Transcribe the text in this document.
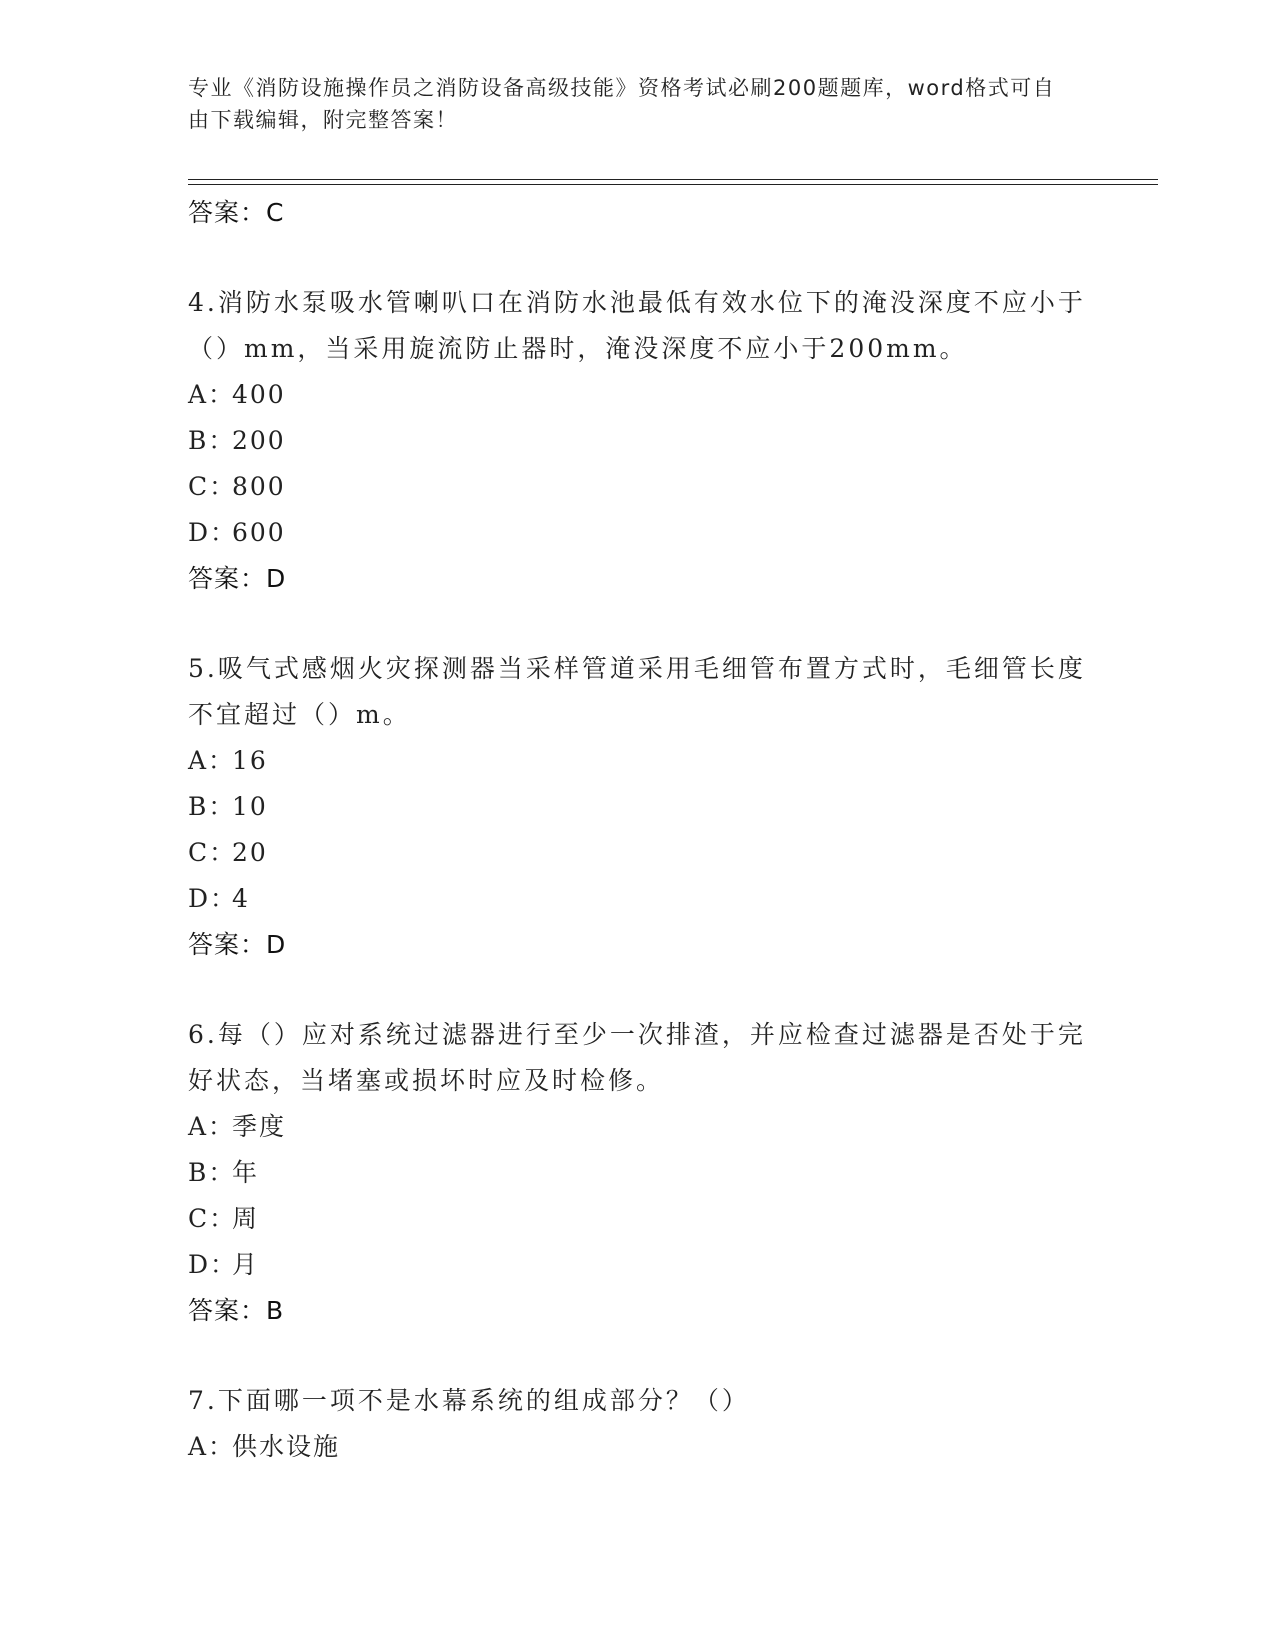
专业《消防设施操作员之消防设备高级技能》资格考试必刷200题题库，word格式可自由下载编辑，附完整答案！
答案：C

4.消防水泵吸水管喇叭口在消防水池最低有效水位下的淹没深度不应小于（）mm，当采用旋流防止器时，淹没深度不应小于200mm。

A：
400
B：
200
C：
800
D：
600
答案：D

5.吸气式感烟火灾探测器当采样管道采用毛细管布置方式时，毛细管长度不宜超过（）m。

A：
16
B：
10
C：
20
D：
4
答案：D

6.每（）应对系统过滤器进行至少一次排渣，并应检查过滤器是否处于完好状态，当堵塞或损坏时应及时检修。

A：
季度
B：
年
C：
周
D：
月
答案：B

7.下面哪一项不是水幕系统的组成部分？（）

A：
供水设施
